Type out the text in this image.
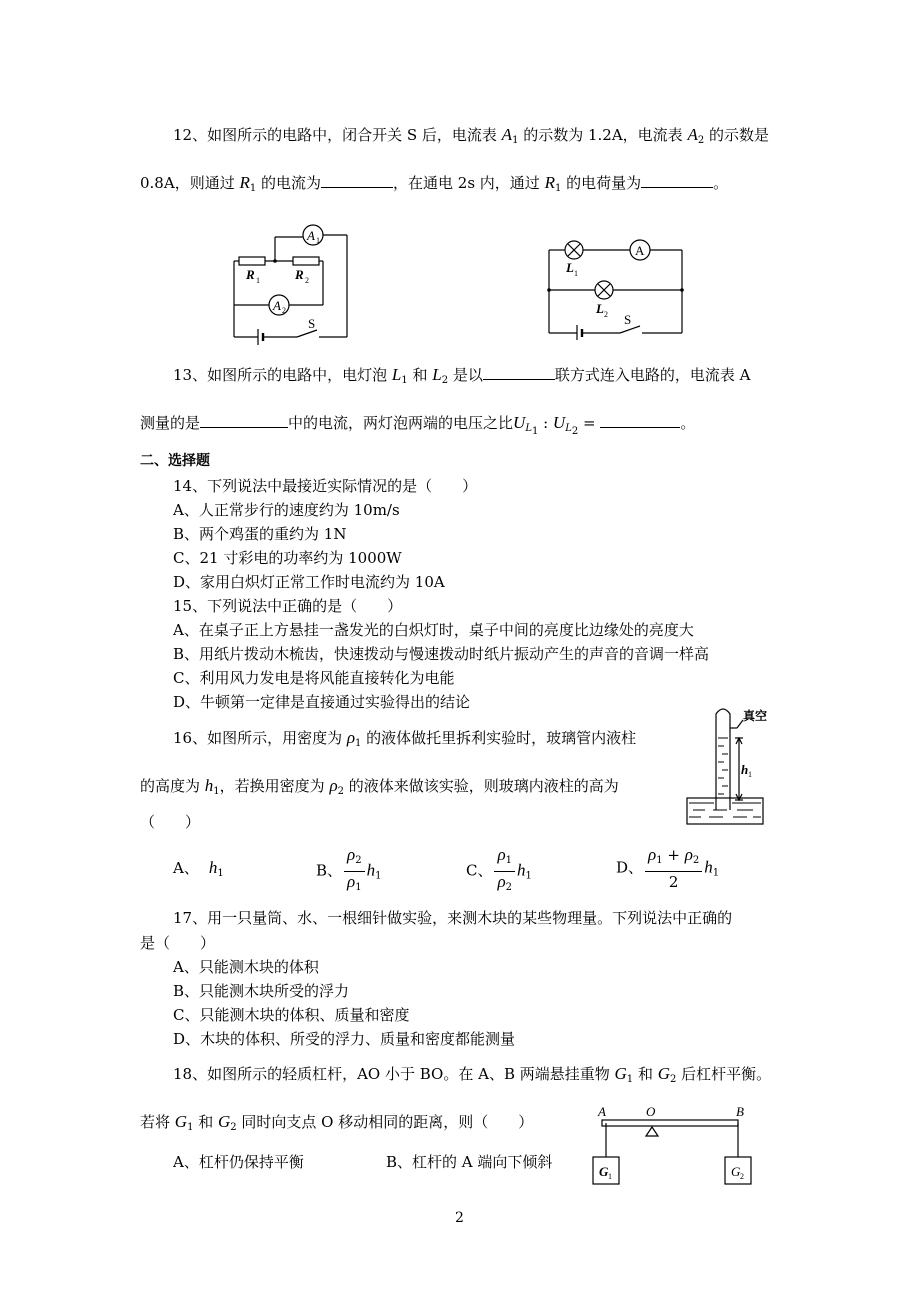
12、如图所示的电路中，闭合开关 S 后，电流表 $A_1$ 的示数为 1.2A，电流表 $A_2$ 的示数是
0.8A，则通过 $R_1$ 的电流为	，在通电 2s 内，通过 $R_1$ 的电荷量为	。
A 1
A 2
R 1	R 2
S
A
L 1
L 2 S
13、如图所示的电路中，电灯泡 $L_1$ 和 $L_2$ 是以	联方式连入电路的，电流表 A
测量的是	中的电流，两灯泡两端的电压之比$U_{L_1}$ : $U_{L_2}$ =	。
二、选择题
14、下列说法中最接近实际情况的是（　　）
A、人正常步行的速度约为 10m/s
B、两个鸡蛋的重约为 1N
C、21 寸彩电的功率约为 1000W
D、家用白炽灯正常工作时电流约为 10A
15、下列说法中正确的是（　　）
A、在桌子正上方悬挂一盏发光的白炽灯时，桌子中间的亮度比边缘处的亮度大
B、用纸片拨动木梳齿，快速拨动与慢速拨动时纸片振动产生的声音的音调一样高
C、利用风力发电是将风能直接转化为电能
D、牛顿第一定律是直接通过实验得出的结论
16、如图所示，用密度为 $\rho_1$ 的液体做托里拆利实验时，玻璃管内液柱
的高度为 $h_1$，若换用密度为 $\rho_2$ 的液体来做该实验，则玻璃内液柱的高为
（　　）
A、 $h_1$	B、 $\frac{\rho_2}{\rho_1} h_1$	C、 $\frac{\rho_1}{\rho_2} h_1$	D、 $\frac{\rho_1 + \rho_2}{2} h_1$
真空
h 1
17、用一只量筒、水、一根细针做实验，来测木块的某些物理量。下列说法中正确的
是（　　）
A、只能测木块的体积
B、只能测木块所受的浮力
C、只能测木块的体积、质量和密度
D、木块的体积、所受的浮力、质量和密度都能测量
18、如图所示的轻质杠杆，AO 小于 BO。在 A、B 两端悬挂重物 $G_1$ 和 $G_2$ 后杠杆平衡。
若将 $G_1$ 和 $G_2$ 同时向支点 O 移动相同的距离，则（　　）
A、杠杆仍保持平衡	B、杠杆的 A 端向下倾斜
A	O	B
G 1	G 2
2
